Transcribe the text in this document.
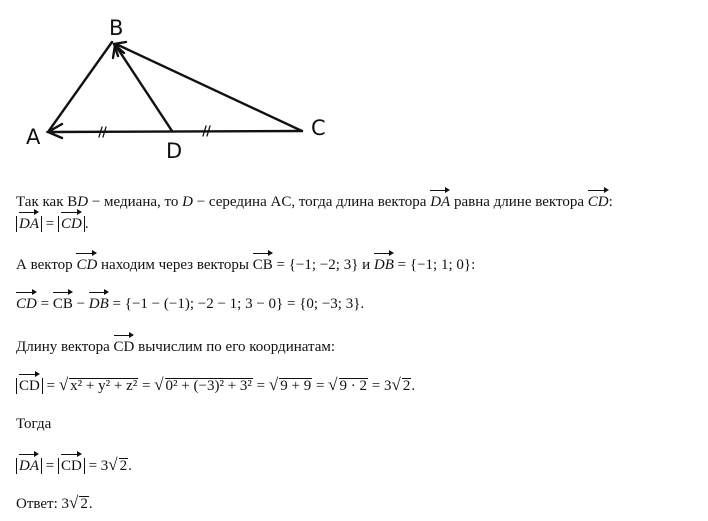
B
A	C
D
Так как BD − медиана, то D − середина AC, тогда длина вектора DA равна длине вектора CD:
DA = CD .
А вектор CD находим через векторы CB = {−1; −2; 3} и DB = {−1; 1; 0}:
CD = CB − DB = {−1 − (−1); −2 − 1; 3 − 0} = {0; −3; 3}.
Длину вектора CD вычислим по его координатам:
CD = √ x² + y² + z² = √ 0² + (−3)² + 3² = √ 9 + 9 = √ 9 · 2 = 3√ 2.
Тогда
DA = CD = 3√ 2.
Ответ: 3√ 2.
